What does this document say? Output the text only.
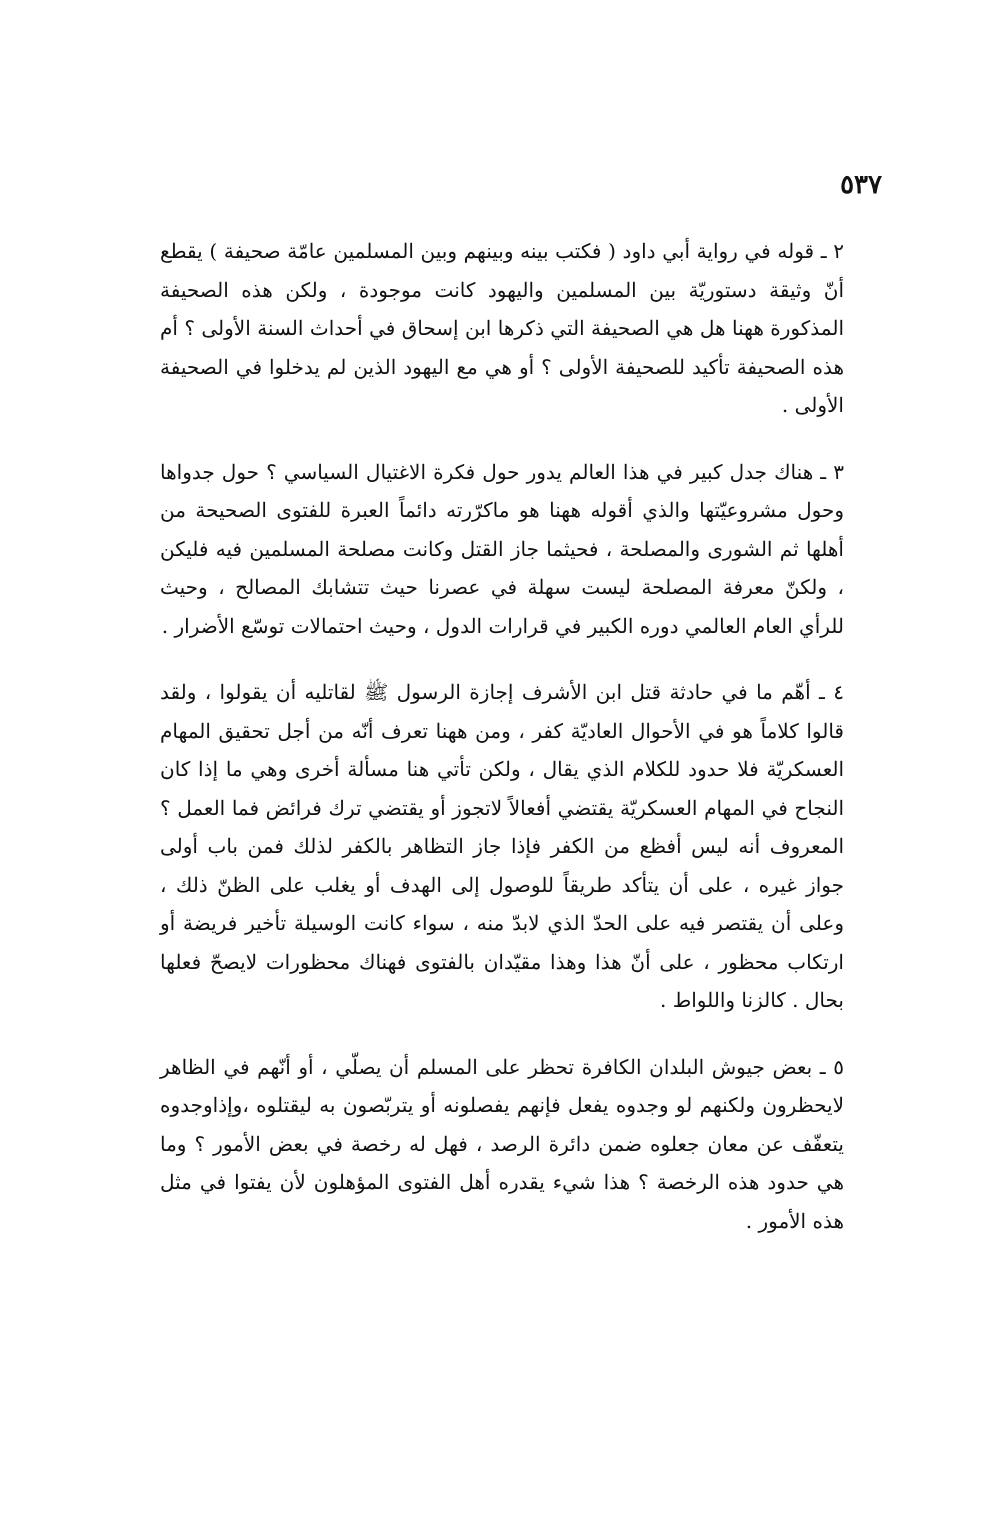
٥٣٧

٢ ـ قوله في رواية أبي داود ( فكتب بينه وبينهم وبين المسلمين عامّة صحيفة ) يقطع أنّ وثيقة دستوريّة بين المسلمين واليهود كانت موجودة ، ولكن هذه الصحيفة المذكورة ههنا هل هي الصحيفة التي ذكرها ابن إسحاق في أحداث السنة الأولى ؟ أم هذه الصحيفة تأكيد للصحيفة الأولى ؟ أو هي مع اليهود الذين لم يدخلوا في الصحيفة الأولى .

٣ ـ هناك جدل كبير في هذا العالم يدور حول فكرة الاغتيال السياسي ؟ حول جدواها وحول مشروعيّتها والذي أقوله ههنا هو ماكرّرته دائماً العبرة للفتوى الصحيحة من أهلها ثم الشورى والمصلحة ، فحيثما جاز القتل وكانت مصلحة المسلمين فيه فليكن ، ولكنّ معرفة المصلحة ليست سهلة في عصرنا حيث تتشابك المصالح ، وحيث للرأي العام العالمي دوره الكبير في قرارات الدول ، وحيث احتمالات توسّع الأضرار .

٤ ـ أهّم ما في حادثة قتل ابن الأشرف إجازة الرسول ﷺ لقاتليه أن يقولوا ، ولقد قالوا كلاماً هو في الأحوال العاديّة كفر ، ومن ههنا تعرف أنّه من أجل تحقيق المهام العسكريّة فلا حدود للكلام الذي يقال ، ولكن تأتي هنا مسألة أخرى وهي ما إذا كان النجاح في المهام العسكريّة يقتضي أفعالاً لاتجوز أو يقتضي ترك فرائض فما العمل ؟ المعروف أنه ليس أفظع من الكفر فإذا جاز التظاهر بالكفر لذلك فمن باب أولى جواز غيره ، على أن يتأكد طريقاً للوصول إلى الهدف أو يغلب على الظنّ ذلك ، وعلى أن يقتصر فيه على الحدّ الذي لابدّ منه ، سواء كانت الوسيلة تأخير فريضة أو ارتكاب محظور ، على أنّ هذا وهذا مقيّدان بالفتوى فهناك محظورات لايصحّ فعلها بحال . كالزنا واللواط .

٥ ـ بعض جيوش البلدان الكافرة تحظر على المسلم أن يصلّي ، أو أنّهم في الظاهر لايحظرون ولكنهم لو وجدوه يفعل فإنهم يفصلونه أو يتربّصون به ليقتلوه ،وإذاوجدوه يتعفّف عن معان جعلوه ضمن دائرة الرصد ، فهل له رخصة في بعض الأمور ؟ وما هي حدود هذه الرخصة ؟ هذا شيء يقدره أهل الفتوى المؤهلون لأن يفتوا في مثل هذه الأمور .
